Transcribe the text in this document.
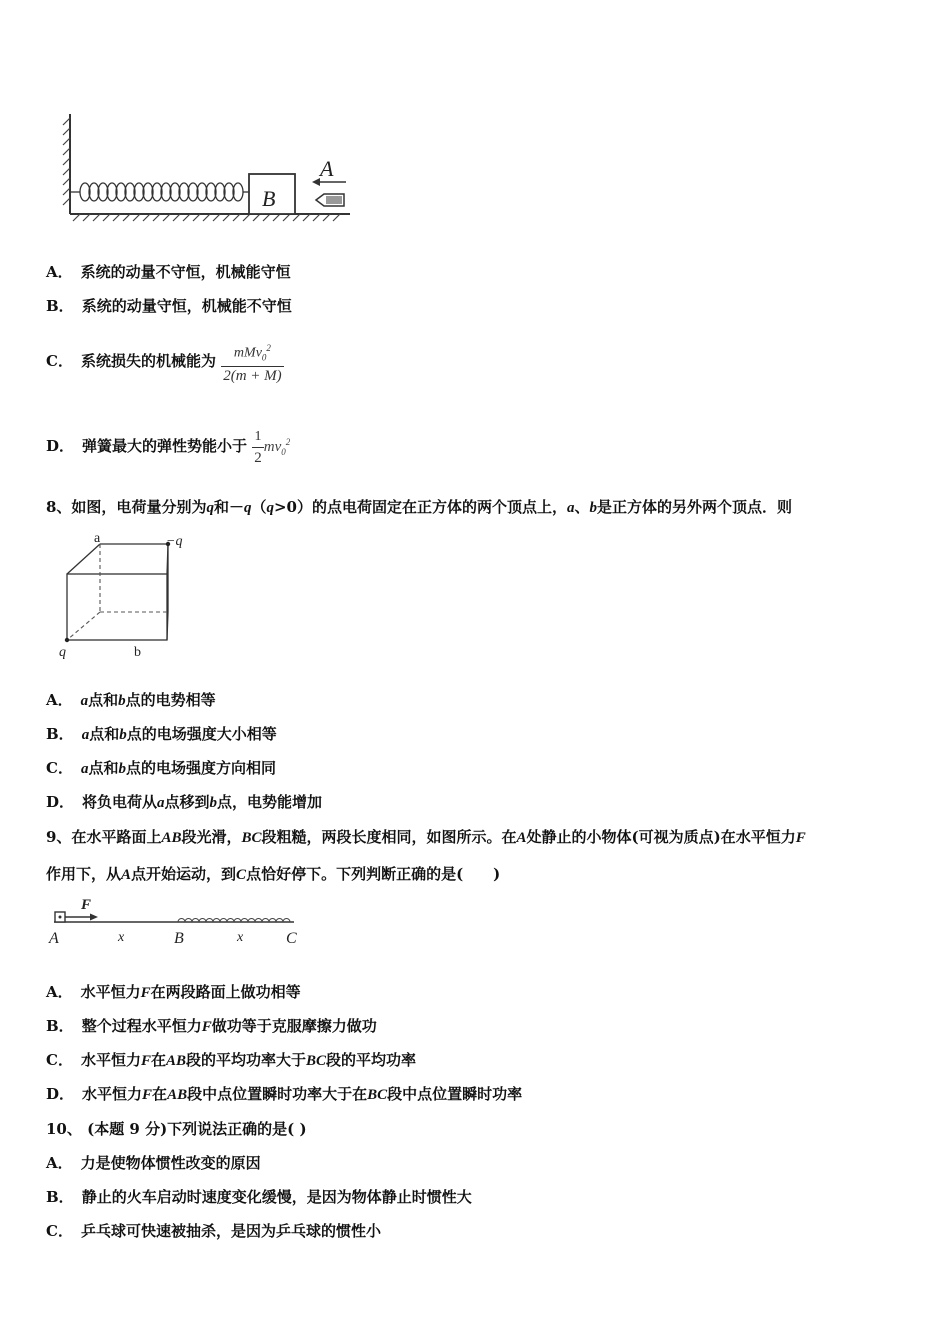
B
A
A． 系统的动量不守恒，机械能守恒
B． 系统的动量守恒，机械能不守恒
C． 系统损失的机械能为 $\frac{mMv_0^2}{2(m + M)}$
D． 弹簧最大的弹性势能小于 $\frac{1}{2} mv_0^2$
8、如图，电荷量分别为q和－q（q>0）的点电荷固定在正方体的两个顶点上，a、b是正方体的另外两个顶点．则
a	−q
q	b
A． a点和b点的电势相等
B． a点和b点的电场强度大小相等
C． a点和b点的电场强度方向相同
D． 将负电荷从a点移到b点，电势能增加
9、在水平路面上AB段光滑，BC段粗糙，两段长度相同，如图所示。在A处静止的小物体(可视为质点)在水平恒力F
作用下，从A点开始运动，到C点恰好停下。下列判断正确的是(　　)
F
A	x	B	x	C
A． 水平恒力F在两段路面上做功相等
B． 整个过程水平恒力F做功等于克服摩擦力做功
C． 水平恒力F在AB段的平均功率大于BC段的平均功率
D． 水平恒力F在AB段中点位置瞬时功率大于在BC段中点位置瞬时功率
10、 (本题 9 分)下列说法正确的是( )
A． 力是使物体惯性改变的原因
B． 静止的火车启动时速度变化缓慢，是因为物体静止时惯性大
C． 乒乓球可快速被抽杀，是因为乒乓球的惯性小
